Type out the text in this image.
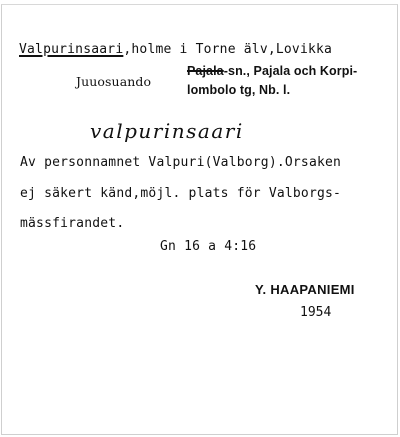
Valpurinsaari,holme i Torne älv,Lovikka
Juuosuando
Pajala-sn., Pajala och Korpi-
lombolo tg, Nb. l.
valpurinsaari
Av personnamnet Valpuri(Valborg).Orsaken
ej säkert känd,möjl. plats för Valborgs-
mässfirandet.
Gn 16 a 4:16
Y. HAAPANIEMI
1954
